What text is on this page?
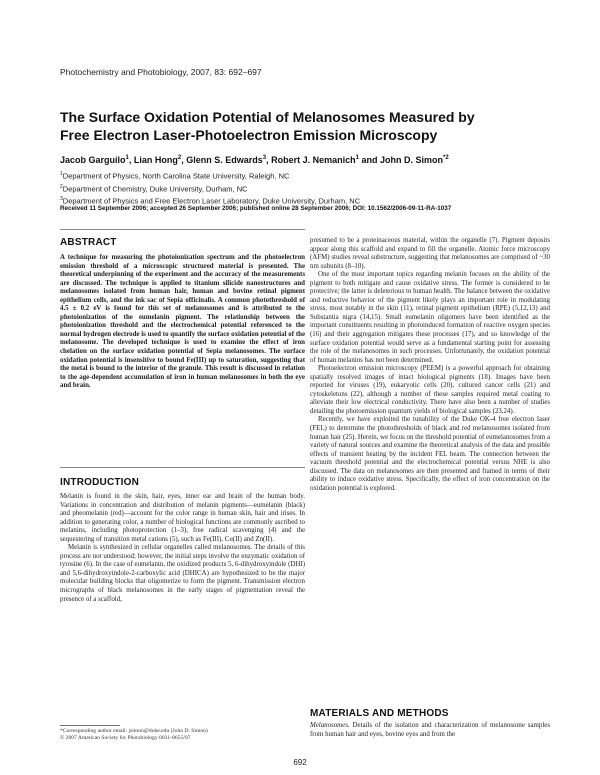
Photochemistry and Photobiology, 2007, 83: 692–697
The Surface Oxidation Potential of Melanosomes Measured by
Free Electron Laser-Photoelectron Emission Microscopy
Jacob Garguilo$^1$, Lian Hong$^2$, Glenn S. Edwards$^3$, Robert J. Nemanich$^1$ and John D. Simon$^{*2}$
$^1$Department of Physics, North Carolina State University, Raleigh, NC
$^2$Department of Chemistry, Duke University, Durham, NC
$^3$Department of Physics and Free Electron Laser Laboratory, Duke University, Durham, NC
Received 11 September 2006; accepted 26 September 2006; published online 28 September 2006; DOI: 10.1562/2006-09-11-RA-1037
ABSTRACT

A technique for measuring the photoionization spectrum and the photoelectron emission threshold of a microscopic structured material is presented. The theoretical underpinning of the experiment and the accuracy of the measurements are discussed. The technique is applied to titanium silicide nanostructures and melanosomes isolated from human hair, human and bovine retinal pigment epithelium cells, and the ink sac of Sepia officinalis. A common photothreshold of 4.5 ± 0.2 eV is found for this set of melanosomes and is attributed to the photoionization of the eumelanin pigment. The relationship between the photoionization threshold and the electrochemical potential referenced to the normal hydrogen electrode is used to quantify the surface oxidation potential of the melanosome. The developed technique is used to examine the effect of iron chelation on the surface oxidation potential of Sepia melanosomes. The surface oxidation potential is insensitive to bound Fe(III) up to saturation, suggesting that the metal is bound to the interior of the granule. This result is discussed in relation to the age-dependent accumulation of iron in human melanosomes in both the eye and brain.

INTRODUCTION

Melanin is found in the skin, hair, eyes, inner ear and brain of the human body. Variations in concentration and distribution of melanin pigments—eumelanin (black) and pheomelanin (red)—account for the color range in human skin, hair and irises. In addition to generating color, a number of biological functions are commonly ascribed to melanins, including photoprotection (1–3), free radical scavenging (4) and the sequestering of transition metal cations (5), such as Fe(III), Cu(II) and Zn(II).

Melanin is synthesized in cellular organelles called melanosomes. The details of this process are not understood; however, the initial steps involve the enzymatic oxidation of tyrosine (6). In the case of eumelanin, the oxidized products 5, 6-dihydroxyindole (DHI) and 5,6-dihydroxyindole-2-carboxylic acid (DHICA) are hypothesized to be the major molecular building blocks that oligomerize to form the pigment. Transmission electron micrographs of black melanosomes in the early stages of pigmentation reveal the presence of a scaffold,

presumed to be a proteinaceous material, within the organelle (7). Pigment deposits appear along this scaffold and expand to fill the organelle. Atomic force microscopy (AFM) studies reveal substructure, suggesting that melanosomes are comprised of ~30 nm subunits (8–10).

One of the most important topics regarding melanin focuses on the ability of the pigment to both mitigate and cause oxidative stress. The former is considered to be protective; the latter is deleterious to human health. The balance between the oxidative and reductive behavior of the pigment likely plays an important role in modulating stress, most notably in the skin (11), retinal pigment epithelium (RPE) (5,12,13) and Substantia nigra (14,15). Small eumelanin oligomers have been identified as the important constituents resulting in photoinduced formation of reactive oxygen species (16) and their aggregation mitigates these processes (17), and so knowledge of the surface oxidation potential would serve as a fundamental starting point for assessing the role of the melanosomes in such processes. Unfortunately, the oxidation potential of human melanins has not been determined.

Photoelectron emission microscopy (PEEM) is a powerful approach for obtaining spatially resolved images of intact biological pigments (18). Images have been reported for viruses (19), eukaryotic cells (20), cultured cancer cells (21) and cytoskeletons (22), although a number of these samples required metal coating to alleviate their low electrical conductivity. There have also been a number of studies detailing the photoemission quantum yields of biological samples (23,24).

Recently, we have exploited the tunability of the Duke OK-4 free electron laser (FEL) to determine the photothresholds of black and red melanosomes isolated from human hair (25). Herein, we focus on the threshold potential of eumelanosomes from a variety of natural sources and examine the theoretical analysis of the data and possible effects of transient heating by the incident FEL beam. The connection between the vacuum threshold potential and the electrochemical potential versus NHE is also discussed. The data on melanosomes are then presented and framed in terms of their ability to induce oxidative stress. Specifically, the effect of iron concentration on the oxidation potential is explored.

MATERIALS AND METHODS

Melanosomes. Details of the isolation and characterization of melanosome samples from human hair and eyes, bovine eyes and from the

*Corresponding author email: jsimon@duke.edu (John D. Simon)
© 2007 American Society for Photobiology 0031-8655/07
692
